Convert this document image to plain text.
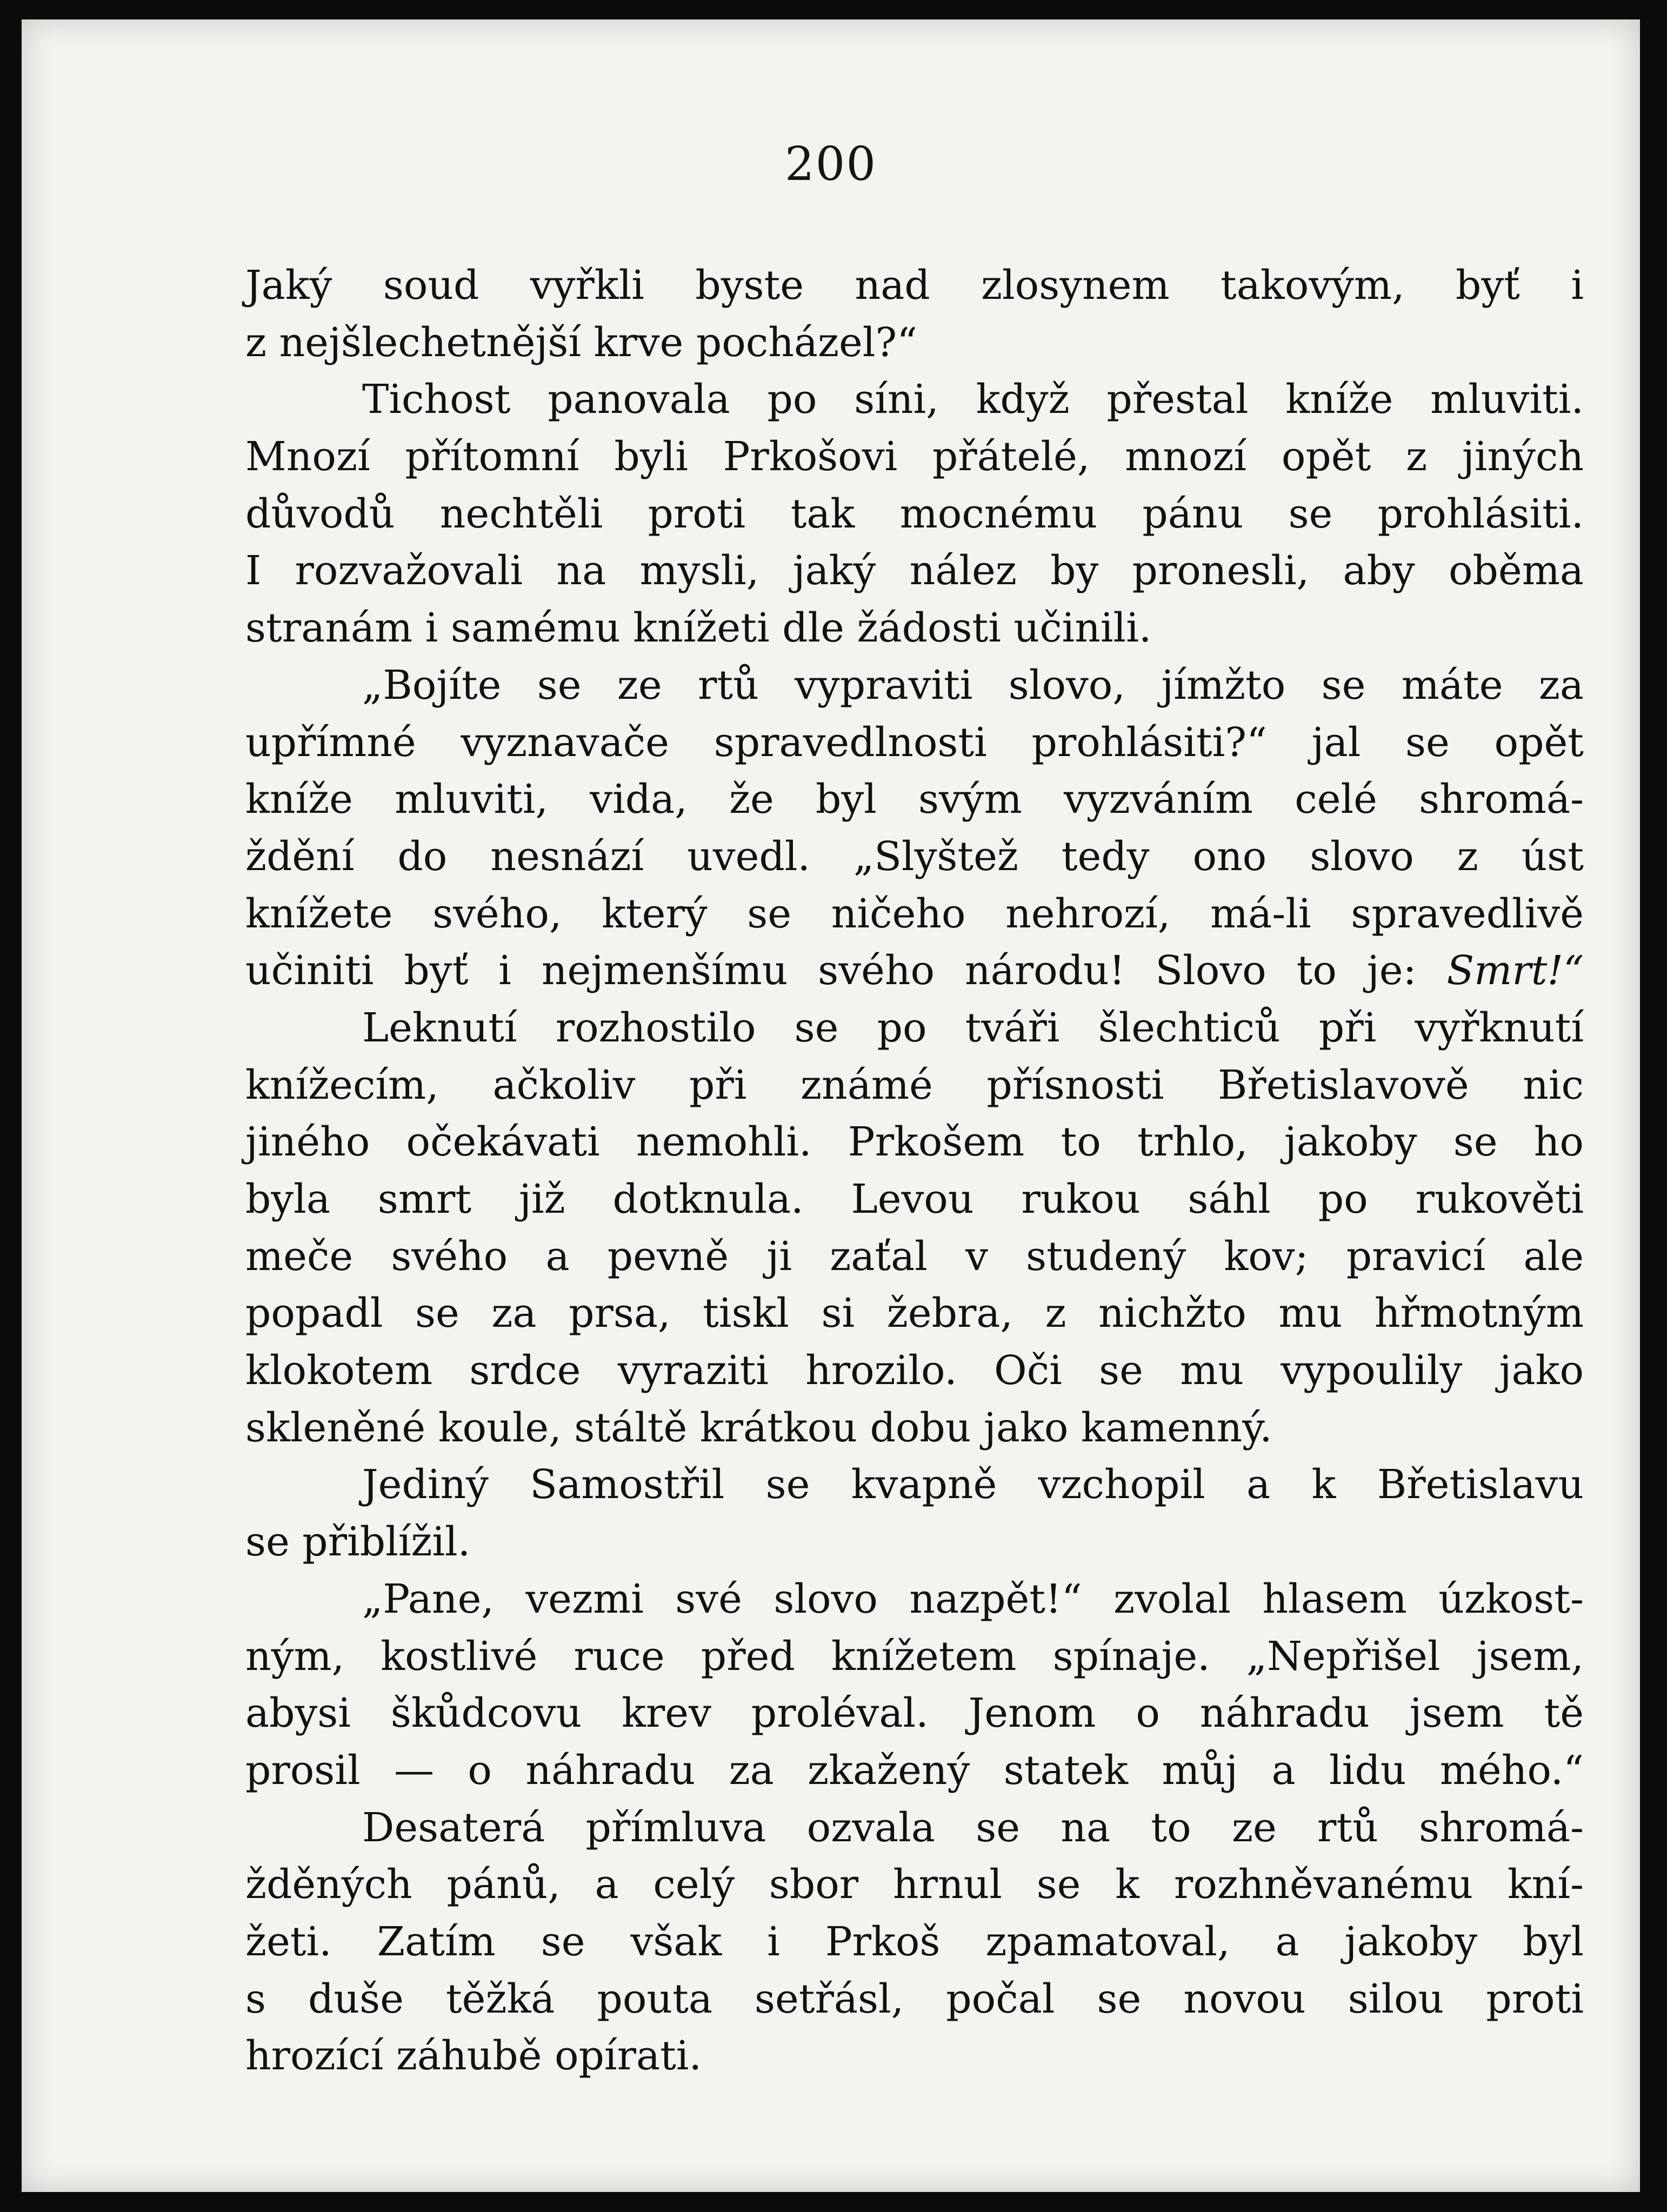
200
Jaký soud vyřkli byste nad zlosynem takovým, byť i
z nejšlechetnější krve pocházel?“
Tichost panovala po síni, když přestal kníže mluviti.
Mnozí přítomní byli Prkošovi přátelé, mnozí opět z jiných
důvodů nechtěli proti tak mocnému pánu se prohlásiti.
I rozvažovali na mysli, jaký nález by pronesli, aby oběma
stranám i samému knížeti dle žádosti učinili.
„Bojíte se ze rtů vypraviti slovo, jímžto se máte za
upřímné vyznavače spravedlnosti prohlásiti?“ jal se opět
kníže mluviti, vida, že byl svým vyzváním celé shromá-
ždění do nesnází uvedl. „Slyštež tedy ono slovo z úst
knížete svého, který se ničeho nehrozí, má-li spravedlivě
učiniti byť i nejmenšímu svého národu! Slovo to je: Smrt!“
Leknutí rozhostilo se po tváři šlechticů při vyřknutí
knížecím, ačkoliv při známé přísnosti Břetislavově nic
jiného očekávati nemohli. Prkošem to trhlo, jakoby se ho
byla smrt již dotknula. Levou rukou sáhl po rukověti
meče svého a pevně ji zaťal v studený kov; pravicí ale
popadl se za prsa, tiskl si žebra, z nichžto mu hřmotným
klokotem srdce vyraziti hrozilo. Oči se mu vypoulily jako
skleněné koule, stáltě krátkou dobu jako kamenný.
Jediný Samostřil se kvapně vzchopil a k Břetislavu
se přiblížil.
„Pane, vezmi své slovo nazpět!“ zvolal hlasem úzkost-
ným, kostlivé ruce před knížetem spínaje. „Nepřišel jsem,
abysi škůdcovu krev proléval. Jenom o náhradu jsem tě
prosil — o náhradu za zkažený statek můj a lidu mého.“
Desaterá přímluva ozvala se na to ze rtů shromá-
žděných pánů, a celý sbor hrnul se k rozhněvanému kní-
žeti. Zatím se však i Prkoš zpamatoval, a jakoby byl
s duše těžká pouta setřásl, počal se novou silou proti
hrozící záhubě opírati.
